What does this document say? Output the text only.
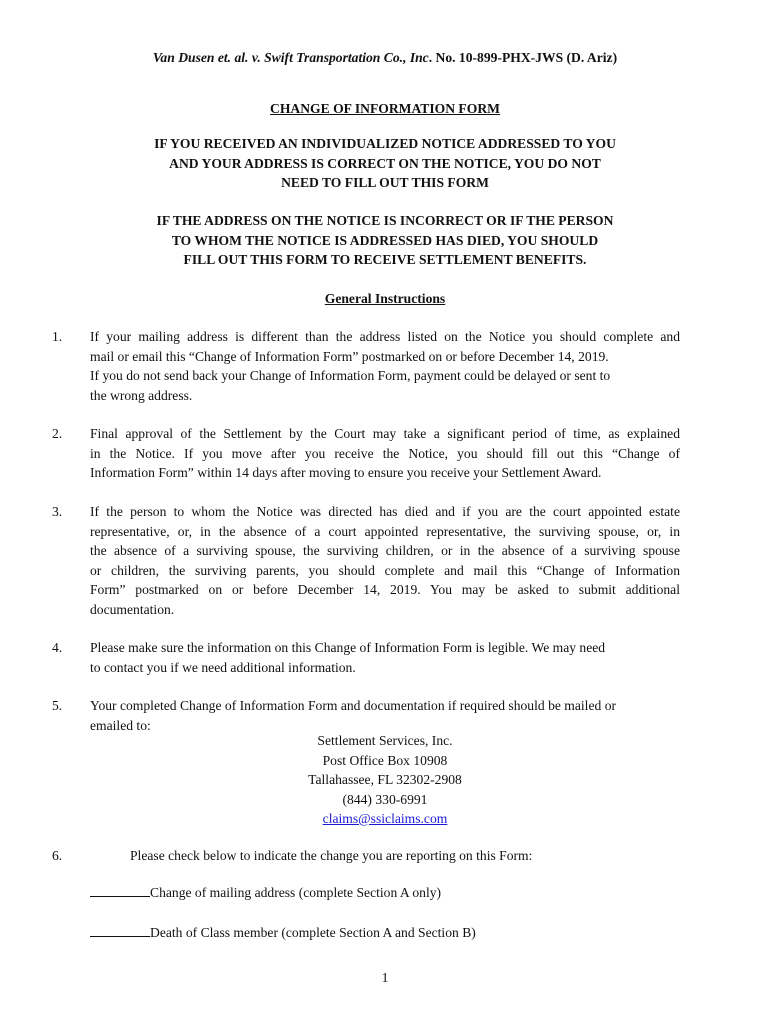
Van Dusen et. al. v. Swift Transportation Co., Inc. No. 10-899-PHX-JWS (D. Ariz)
CHANGE OF INFORMATION FORM
IF YOU RECEIVED AN INDIVIDUALIZED NOTICE ADDRESSED TO YOU
AND YOUR ADDRESS IS CORRECT ON THE NOTICE, YOU DO NOT
NEED TO FILL OUT THIS FORM
IF THE ADDRESS ON THE NOTICE IS INCORRECT OR IF THE PERSON
TO WHOM THE NOTICE IS ADDRESSED HAS DIED, YOU SHOULD
FILL OUT THIS FORM TO RECEIVE SETTLEMENT BENEFITS.
General Instructions
1.	If your mailing address is different than the address listed on the Notice you should complete and
mail or email this “Change of Information Form” postmarked on or before December 14, 2019.
If you do not send back your Change of Information Form, payment could be delayed or sent to
the wrong address.
2.	Final approval of the Settlement by the Court may take a significant period of time, as explained
in the Notice. If you move after you receive the Notice, you should fill out this “Change of
Information Form” within 14 days after moving to ensure you receive your Settlement Award.
3.	If the person to whom the Notice was directed has died and if you are the court appointed estate
representative, or, in the absence of a court appointed representative, the surviving spouse, or, in
the absence of a surviving spouse, the surviving children, or in the absence of a surviving spouse
or children, the surviving parents, you should complete and mail this “Change of Information
Form” postmarked on or before December 14, 2019. You may be asked to submit additional
documentation.
4.	Please make sure the information on this Change of Information Form is legible. We may need
to contact you if we need additional information.
5.	Your completed Change of Information Form and documentation if required should be mailed or
emailed to:
Settlement Services, Inc.
Post Office Box 10908
Tallahassee, FL 32302-2908
(844) 330-6991
claims@ssiclaims.com
6.	Please check below to indicate the change you are reporting on this Form:
Change of mailing address (complete Section A only)
Death of Class member (complete Section A and Section B)
1
